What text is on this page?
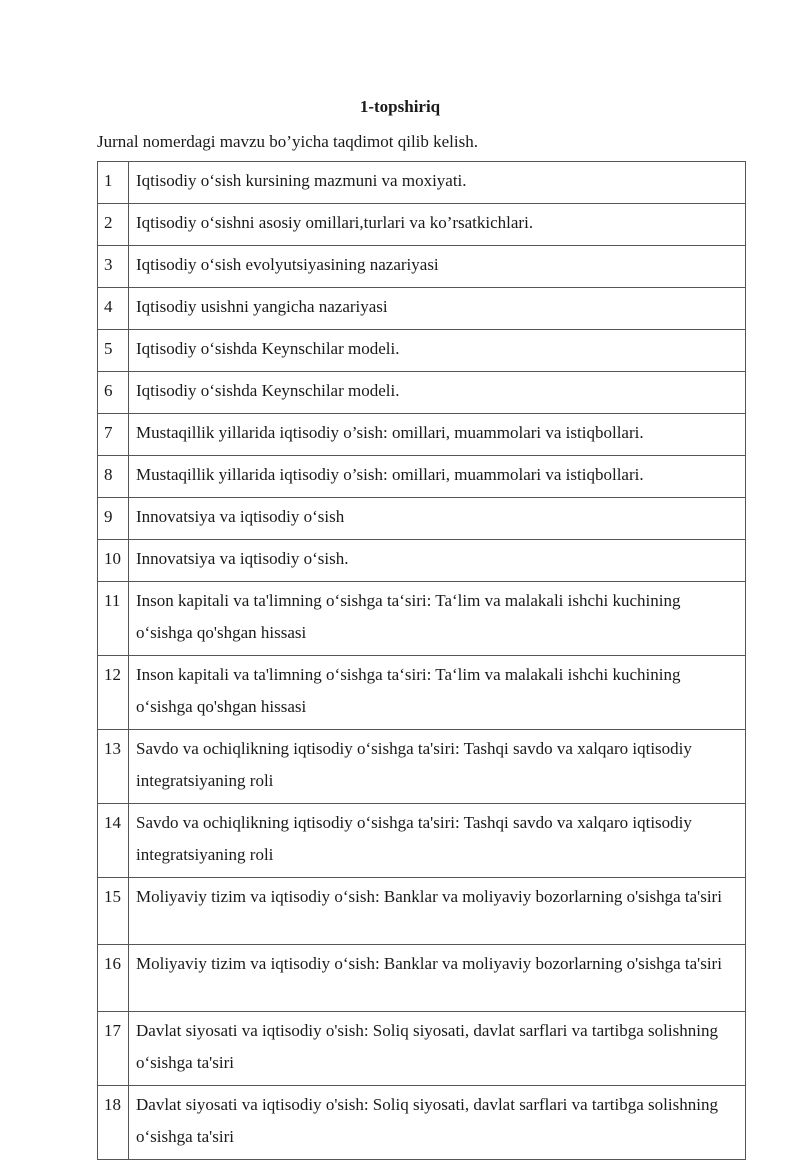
1-topshiriq
Jurnal nomerdagi mavzu bo’yicha taqdimot qilib kelish.
1	Iqtisodiy o‘sish kursining mazmuni va moxiyati.
2	Iqtisodiy o‘sishni asosiy omillari,turlari va ko’rsatkichlari.
3	Iqtisodiy o‘sish evolyutsiyasining nazariyasi
4	Iqtisodiy usishni yangicha nazariyasi
5	Iqtisodiy o‘sishda Keynschilar modeli.
6	Iqtisodiy o‘sishda Keynschilar modeli.
7	Mustaqillik yillarida iqtisodiy o’sish: omillari, muammolari va istiqbollari.
8	Mustaqillik yillarida iqtisodiy o’sish: omillari, muammolari va istiqbollari.
9	Innovatsiya va iqtisodiy o‘sish
10	Innovatsiya va iqtisodiy o‘sish.
11	Inson kapitali va ta'limning o‘sishga ta‘siri: Ta‘lim va malakali ishchi kuchining o‘sishga qo'shgan hissasi
12	Inson kapitali va ta'limning o‘sishga ta‘siri: Ta‘lim va malakali ishchi kuchining o‘sishga qo'shgan hissasi
13	Savdo va ochiqlikning iqtisodiy o‘sishga ta'siri: Tashqi savdo va xalqaro iqtisodiy integratsiyaning roli
14	Savdo va ochiqlikning iqtisodiy o‘sishga ta'siri: Tashqi savdo va xalqaro iqtisodiy integratsiyaning roli
15	Moliyaviy tizim va iqtisodiy o‘sish: Banklar va moliyaviy bozorlarning o'sishga ta'siri
16	Moliyaviy tizim va iqtisodiy o‘sish: Banklar va moliyaviy bozorlarning o'sishga ta'siri
17	Davlat siyosati va iqtisodiy o'sish: Soliq siyosati, davlat sarflari va tartibga solishning o‘sishga ta'siri
18	Davlat siyosati va iqtisodiy o'sish: Soliq siyosati, davlat sarflari va tartibga solishning o‘sishga ta'siri
